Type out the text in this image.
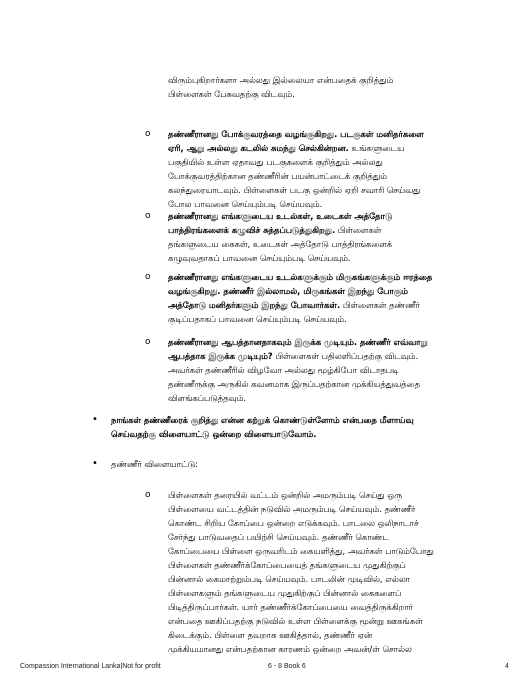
விரும்புகிறார்களா அல்லது இல்லையா என்பதைக் குறித்தும்
பிள்ளைகள் பேசுவதற்கு விடவும்.
o தண்ணீரானது போக்குவரத்தை வழங்குகிறது. படகுகள் மனிதர்களை
ஏரி, ஆறு அல்லது கடலில் சுமந்து செல்கின்றன. உங்களுடைய
பகுதியில் உள்ள ஏதாவது படகுகளைக் குறித்தும் அல்லது
போக்குவரத்திற்கான தண்ணீரின் பயன்பாட்டைக் குறித்தும்
கலந்துரையாடவும். பிள்ளைகள் படகு ஒன்றில் ஏறி சவாரி செய்வது
போல பாவனை செய்யும்படி செய்யவும்.
o தண்ணீரானது எங்களுடைய உடல்கள், உடைகள் அத்தோடு
பாத்திரங்களைக் கழுவிச் சுத்தப்படுத்துகிறது. பிள்ளைகள்
தங்களுடைய கைகள், உடைகள் அத்தோடு பாத்திரங்களைக்
கழுவுவதாகப் பாவனை செய்யும்படி செய்யவும்.
o தண்ணீரானது எங்களுடைய உடல்களுக்கும் மிருகங்களுக்கும் ஈரத்தை
வழங்குகிறது. தண்ணீர் இல்லாமல், மிருகங்கள் இறந்து போகும்
அத்தோடு மனிதர்களும் இறந்து போவார்கள். பிள்ளைகள் தண்ணீர்
குடிப்பதாகப் பாவனை செய்யும்படி செய்யவும்.
o தண்ணீரானது ஆபத்தானதாகவும் இருக்க முடியும். தண்ணீர் எவ்வாறு
ஆபத்தாக இருக்க முடியும்? பிள்ளைகள் பதிலளிப்பதற்கு விடவும்.
அவர்கள் தண்ணீரில் விழவோ அல்லது மூழ்கிபோ விடாதபடி
தண்ணீருக்கு அருகில் கவனமாக இருப்பதற்கான முக்கியத்துவத்தை
விளங்கப்படுத்தவும்.
• நாங்கள் தண்ணீரைக் குறித்து என்ன கற்றுக் கொண்டுள்ளோம் என்பதை மீளாய்வு
செய்வதற்கு விளையாட்டு ஒன்றை விளையாடுவோம்.
• தண்ணீர் விளையாட்டு:
o பிள்ளைகள் தரையில் வட்டம் ஒன்றில் அமரும்படி செய்து ஒரு
பிள்ளையை வட்டத்தின் நடுவில் அமரும்படி செய்யவும். தண்ணீர்
கொண்ட சிறிய கோப்பை ஒன்றை எடுக்கவும். பாடலை ஒலிநாடாச்
சேர்ந்து பாடுவதைப் பயிற்சி செய்யவும். தண்ணீர் கொண்ட
கோப்பையை பிள்ளை ஒருவரிடம் கையளித்து, அவர்கள் பாடும்போது
பிள்ளைகள் தண்ணீர்க்கோப்பையைத் தங்களுடைய முதுகிற்குப்
பின்னால் கைமாற்றும்படி செய்யவும். பாடலின் முடிவில், எல்லா
பிள்ளைகளும் தங்களுடைய முதுகிற்குப் பின்னால் கைகளைப்
பிடித்திருப்பார்கள். யார் தண்ணீர்க்கோப்பையை வைத்திருக்கிறார்
என்பதை ஊகிப்பதற்கு நடுவில் உள்ள பிள்ளைக்கு மூன்று ஊகங்கள்
கிடைக்கும். பிள்ளை தவறாக ஊகித்தால், தண்ணீர் ஏன்
முக்கியமானது என்பதற்கான காரணம் ஒன்றை அவன்/ள் சொல்ல
Compassion International Lanka|Not for profit	6 - 8 Book 6	4
